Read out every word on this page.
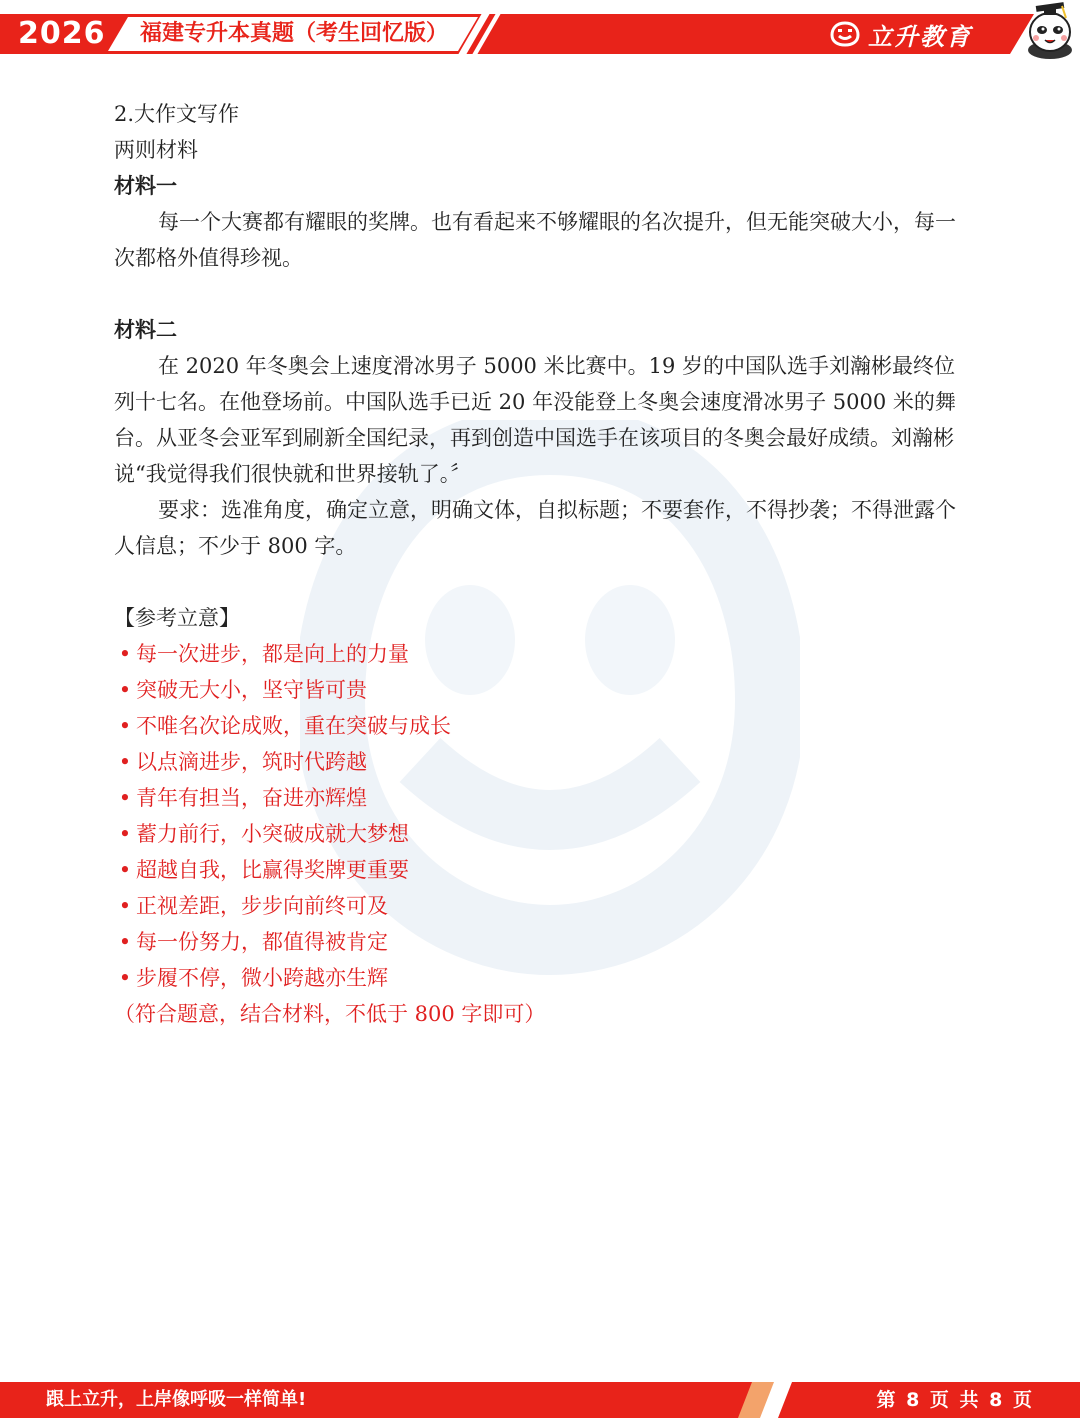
2026 福建专升本真题（考生回忆版）	立升教育

2.大作文写作

两则材料

材料一

每一个大赛都有耀眼的奖牌。也有看起来不够耀眼的名次提升，但无能突破大小，每一次都格外值得珍视。

材料二

在 2020 年冬奥会上速度滑冰男子 5000 米比赛中。19 岁的中国队选手刘瀚彬最终位列十七名。在他登场前。中国队选手已近 20 年没能登上冬奥会速度滑冰男子 5000 米的舞台。从亚冬会亚军到刷新全国纪录，再到创造中国选手在该项目的冬奥会最好成绩。刘瀚彬说“我觉得我们很快就和世界接轨了。〞

要求：选准角度，确定立意，明确文体，自拟标题；不要套作，不得抄袭；不得泄露个人信息；不少于 800 字。

【参考立意】

• 每一次进步，都是向上的力量

• 突破无大小，坚守皆可贵

• 不唯名次论成败，重在突破与成长

• 以点滴进步，筑时代跨越

• 青年有担当，奋进亦辉煌

• 蓄力前行，小突破成就大梦想

• 超越自我，比赢得奖牌更重要

• 正视差距，步步向前终可及

• 每一份努力，都值得被肯定

• 步履不停，微小跨越亦生辉

（符合题意，结合材料，不低于 800 字即可）

跟上立升，上岸像呼吸一样简单!	第 8 页 共 8 页
